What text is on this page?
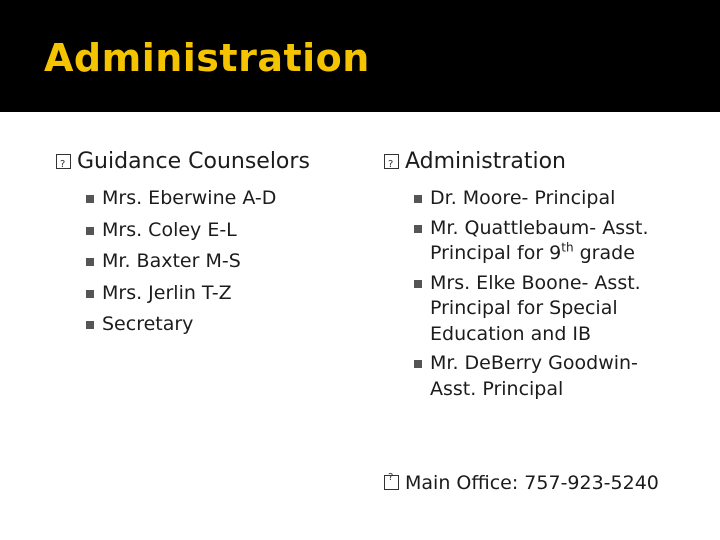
Administration
?Guidance Counselors
Mrs. Eberwine A-D
Mrs. Coley E-L
Mr. Baxter M-S
Mrs. Jerlin T-Z
Secretary
?Administration
Dr. Moore- Principal
Mr. Quattlebaum- Asst. Principal for 9th grade
Mrs. Elke Boone- Asst. Principal for Special Education and IB
Mr. DeBerry Goodwin- Asst. Principal
?Main Office: 757-923-5240
